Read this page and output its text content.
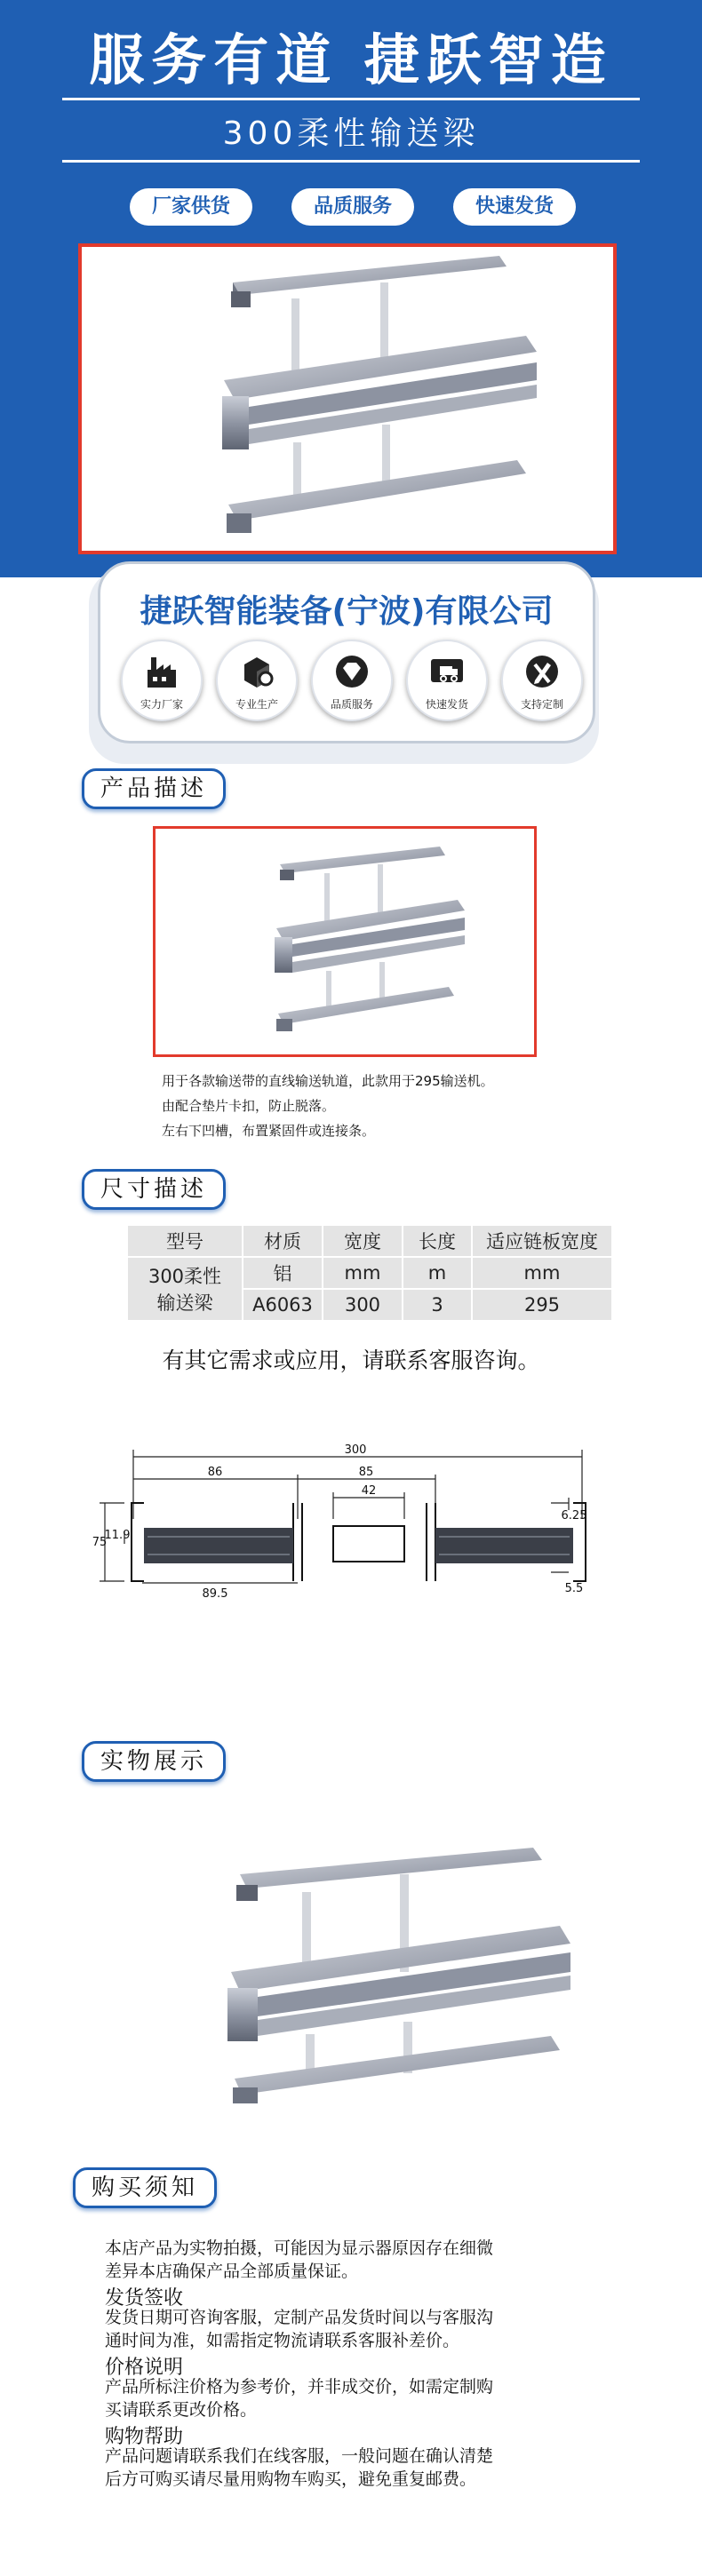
服务有道 捷跃智造
300柔性输送梁
厂家供货	品质服务	快速发货
捷跃智能装备(宁波)有限公司
实力厂家	专业生产	品质服务	快速发货	支持定制
产品描述
用于各款输送带的直线输送轨道，此款用于295输送机。
由配合垫片卡扣，防止脱落。
左右下凹槽，布置紧固件或连接条。
尺寸描述
型号	材质	宽度	长度	适应链板宽度

300柔性
输送梁	铝	mm	m	mm
	A6063	300	3	295
有其它需求或应用，请联系客服咨询。
300
86	85
42
6.25
75
11.9
89.5	5.5
实物展示
购买须知
本店产品为实物拍摄，可能因为显示器原因存在细微
差异本店确保产品全部质量保证。
发货签收
发货日期可咨询客服，定制产品发货时间以与客服沟
通时间为准，如需指定物流请联系客服补差价。
价格说明
产品所标注价格为参考价，并非成交价，如需定制购
买请联系更改价格。
购物帮助
产品问题请联系我们在线客服，一般问题在确认清楚
后方可购买请尽量用购物车购买，避免重复邮费。
